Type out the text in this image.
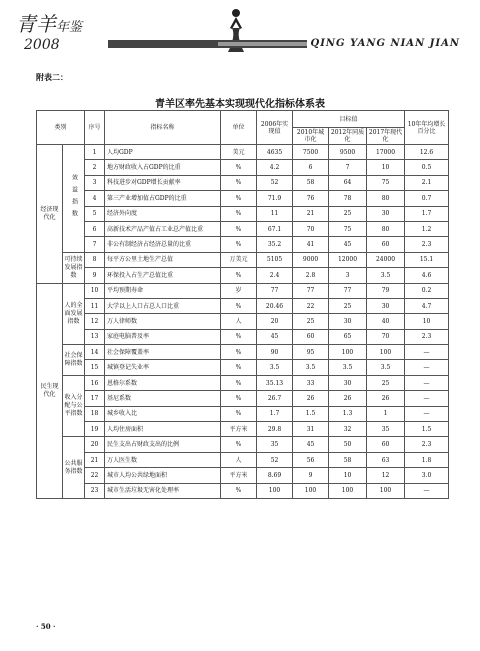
青羊年鉴
2008	QING YANG NIAN JIAN
附表二：
青羊区率先基本实现现代化指标体系表
类别		序号	指标名称	单位	2006年实现值	目标值			10年年均增长百分比
						2010年城市化	2012年同质化	2017年现代化	
经济现代化	效益指数	1	人均GDP	美元	4635	7500	9500	17000	12.6
		2	地方财政收入占GDP的比重	%	4.2	6	7	10	0.5
		3	科技进步对GDP增长贡献率	%	52	58	64	75	2.1
		4	第三产业增加值占GDP的比重	%	71.9	76	78	80	0.7
		5	经济外向度	%	11	21	25	30	1.7
		6	高新技术产品产值占工业总产值比重	%	67.1	70	75	80	1.2
		7	非公有制经济占经济总量的比重	%	35.2	41	45	60	2.3
	可持续发展指数	8	每平方公里土地生产总值	万美元	5105	9000	12000	24000	15.1
		9	环保投入占生产总值比重	%	2.4	2.8	3	3.5	4.6
民生现代化	人的全面发展指数	10	平均预期寿命	岁	77	77	77	79	0.2
		11	大学以上人口占总人口比重	%	20.46	22	25	30	4.7
		12	万人律师数	人	20	25	30	40	10
		13	家庭电脑普及率	%	45	60	65	70	2.3
	社会保障指数	14	社会保障覆盖率	%	90	95	100	100	—
		15	城镇登记失业率	%	3.5	3.5	3.5	3.5	—
	收入分配与公平指数	16	恩格尔系数	%	35.13	33	30	25	—
		17	基尼系数	%	26.7	26	26	26	—
		18	城乡收入比	%	1.7	1.5	1.3	1	—
		19	人均住房面积	平方米	29.8	31	32	35	1.5
	公共服务指数	20	民生支出占财政支出的比例	%	35	45	50	60	2.3
		21	万人医生数	人	52	56	58	63	1.8
		22	城市人均公共绿地面积	平方米	8.69	9	10	12	3.0
		23	城市生活垃圾无害化处理率	%	100	100	100	100	—
· 50 ·
